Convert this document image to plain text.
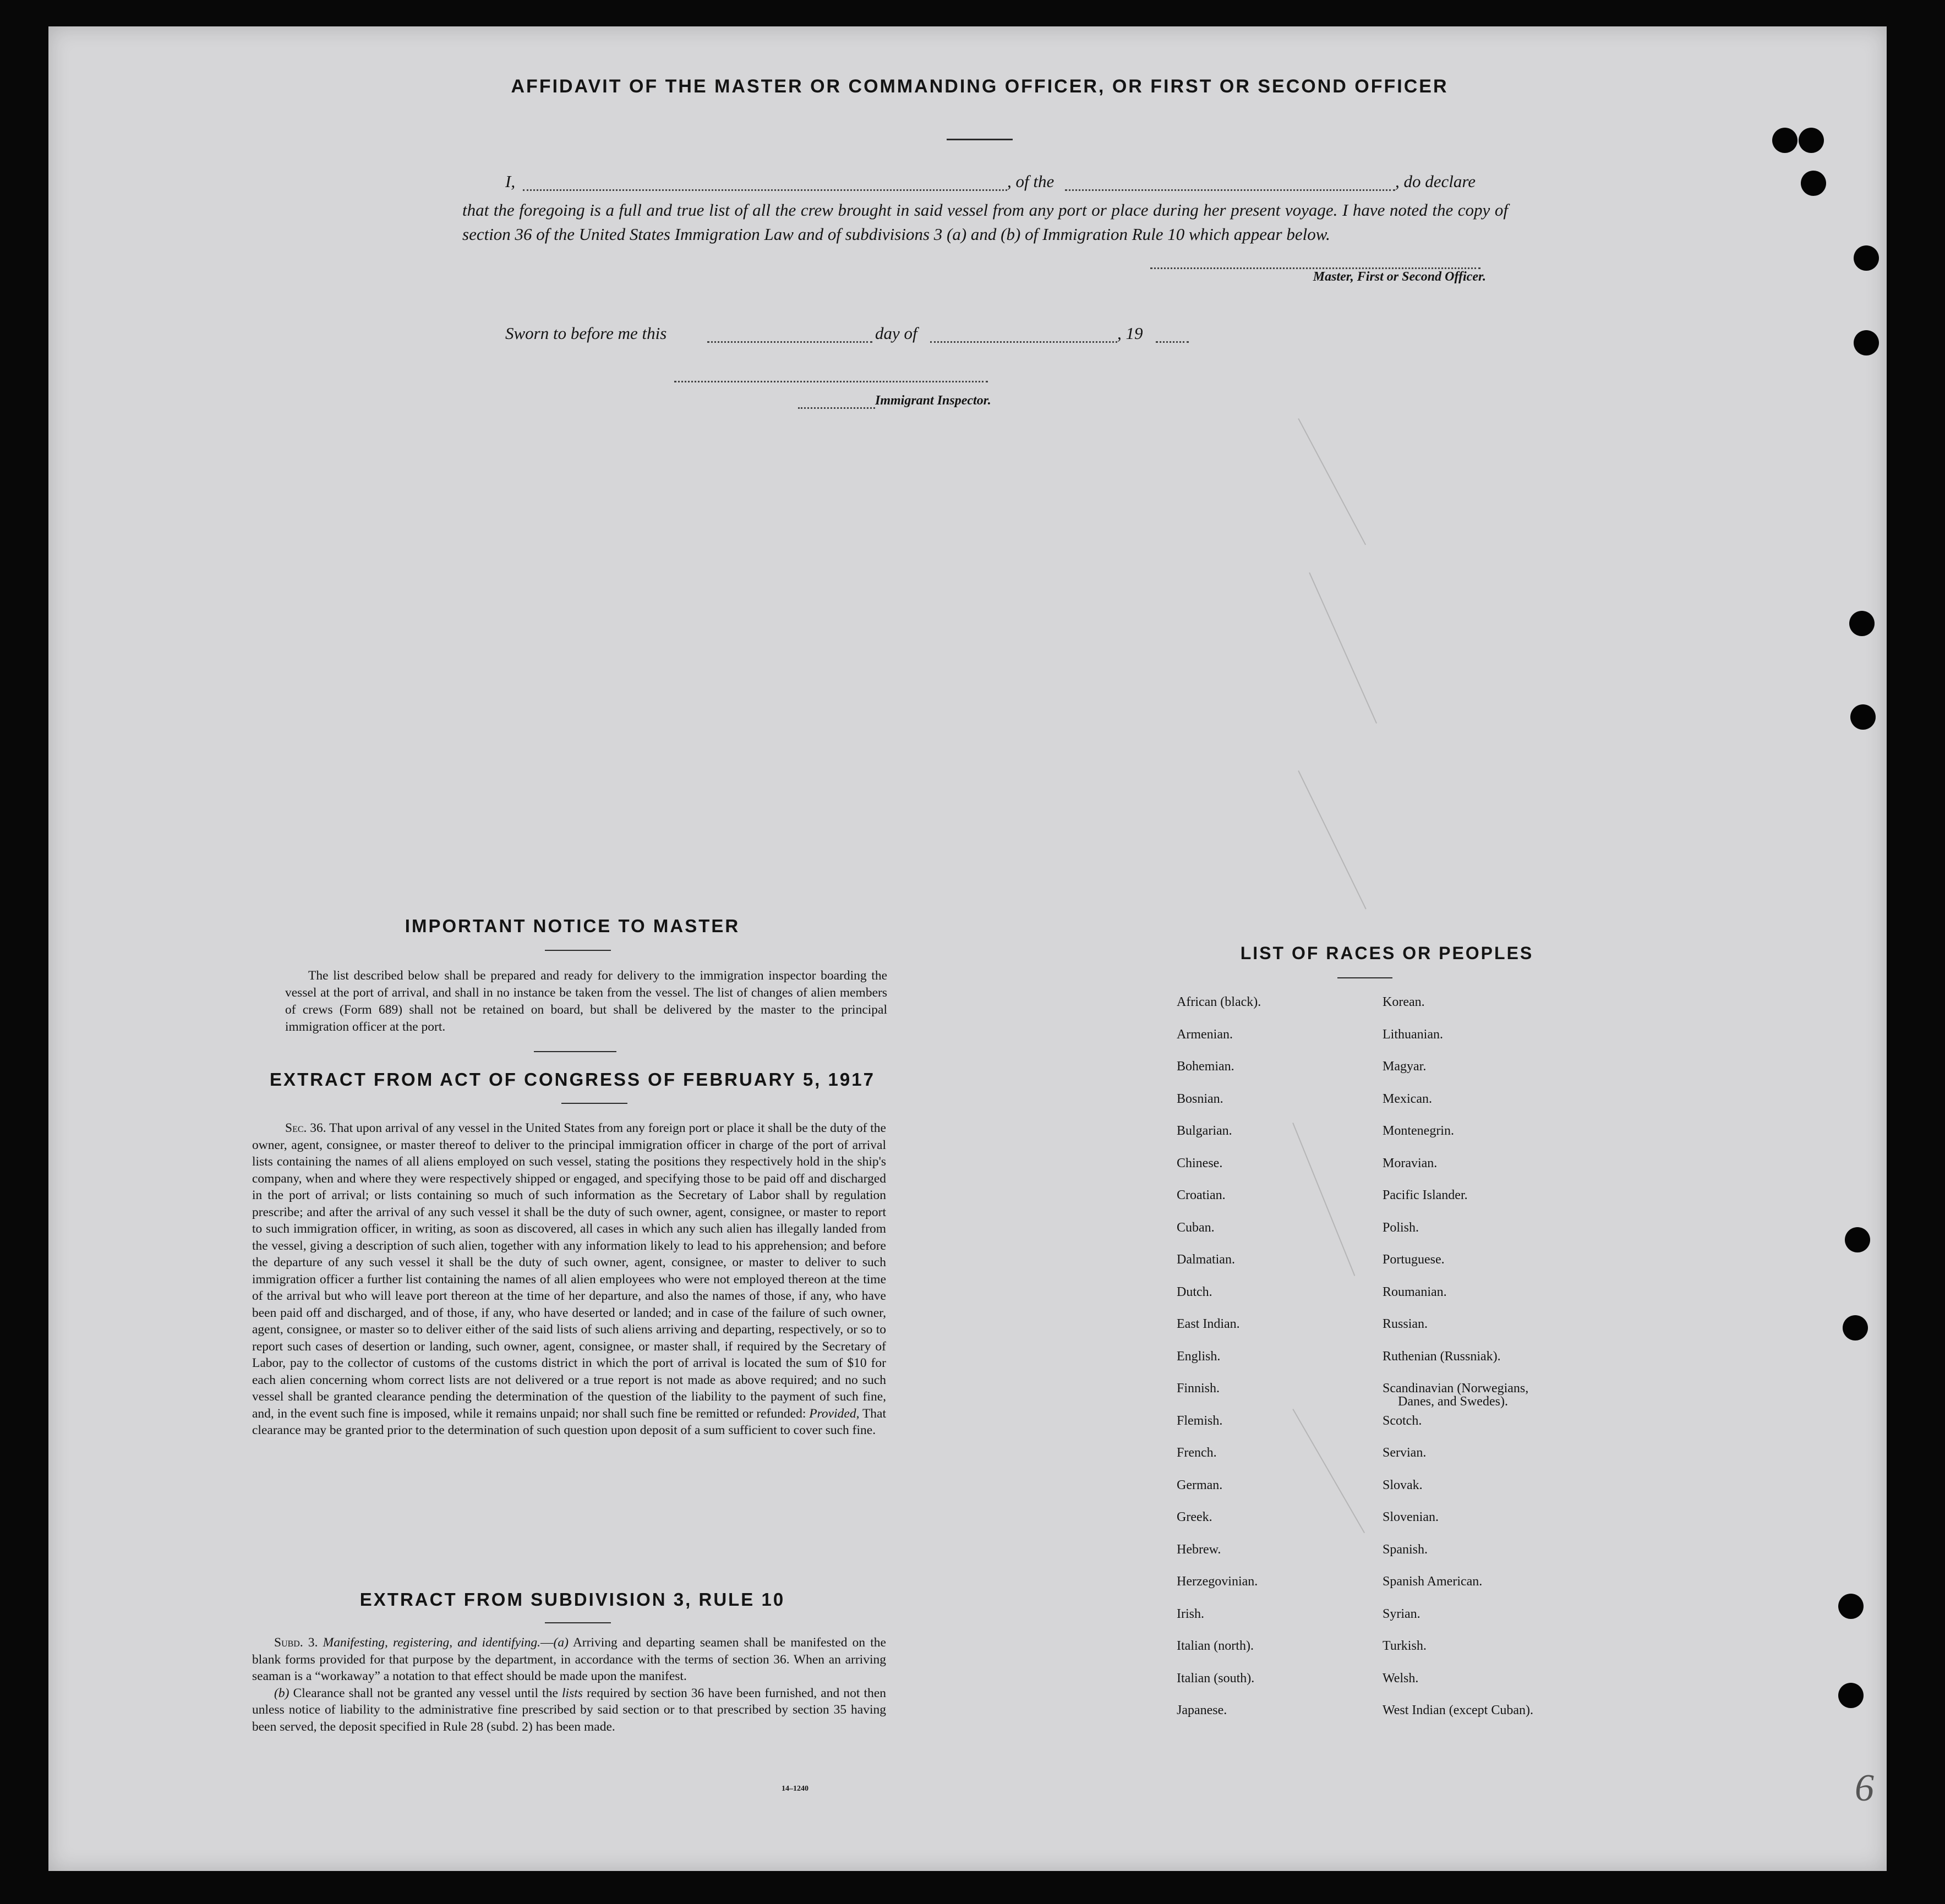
AFFIDAVIT OF THE MASTER OR COMMANDING OFFICER, OR FIRST OR SECOND OFFICER
I,	, of the	, do declare
that the foregoing is a full and true list of all the crew brought in said vessel from any port or place during her present voyage. I have noted the copy of section 36 of the United States Immigration Law and of subdivisions 3 (a) and (b) of Immigration Rule 10 which appear below.
Master, First or Second Officer.
Sworn to before me this	day of	, 19
Immigrant Inspector.
IMPORTANT NOTICE TO MASTER
The list described below shall be prepared and ready for delivery to the immigration inspector boarding the vessel at the port of arrival, and shall in no instance be taken from the vessel. The list of changes of alien members of crews (Form 689) shall not be retained on board, but shall be delivered by the master to the principal immigration officer at the port.
EXTRACT FROM ACT OF CONGRESS OF FEBRUARY 5, 1917
Sec. 36. That upon arrival of any vessel in the United States from any foreign port or place it shall be the duty of the owner, agent, consignee, or master thereof to deliver to the principal immigration officer in charge of the port of arrival lists containing the names of all aliens employed on such vessel, stating the positions they respectively hold in the ship's company, when and where they were respectively shipped or engaged, and specifying those to be paid off and discharged in the port of arrival; or lists containing so much of such information as the Secretary of Labor shall by regulation prescribe; and after the arrival of any such vessel it shall be the duty of such owner, agent, consignee, or master to report to such immigration officer, in writing, as soon as discovered, all cases in which any such alien has illegally landed from the vessel, giving a description of such alien, together with any information likely to lead to his apprehension; and before the departure of any such vessel it shall be the duty of such owner, agent, consignee, or master to deliver to such immigration officer a further list containing the names of all alien employees who were not employed thereon at the time of the arrival but who will leave port thereon at the time of her departure, and also the names of those, if any, who have been paid off and discharged, and of those, if any, who have deserted or landed; and in case of the failure of such owner, agent, consignee, or master so to deliver either of the said lists of such aliens arriving and departing, respectively, or so to report such cases of desertion or landing, such owner, agent, consignee, or master shall, if required by the Secretary of Labor, pay to the collector of customs of the customs district in which the port of arrival is located the sum of $10 for each alien concerning whom correct lists are not delivered or a true report is not made as above required; and no such vessel shall be granted clearance pending the determination of the question of the liability to the payment of such fine, and, in the event such fine is imposed, while it remains unpaid; nor shall such fine be remitted or refunded: Provided, That clearance may be granted prior to the determination of such question upon deposit of a sum sufficient to cover such fine.
EXTRACT FROM SUBDIVISION 3, RULE 10

Subd. 3. Manifesting, registering, and identifying.—(a) Arriving and departing seamen shall be manifested on the blank forms provided for that purpose by the department, in accordance with the terms of section 36. When an arriving seaman is a “workaway” a notation to that effect should be made upon the manifest.

(b) Clearance shall not be granted any vessel until the lists required by section 36 have been furnished, and not then unless notice of liability to the administrative fine prescribed by said section or to that prescribed by section 35 having been served, the deposit specified in Rule 28 (subd. 2) has been made.

14–1240
LIST OF RACES OR PEOPLES
African (black).
Armenian.
Bohemian.
Bosnian.
Bulgarian.
Chinese.
Croatian.
Cuban.
Dalmatian.
Dutch.
East Indian.
English.
Finnish.
Flemish.
French.
German.
Greek.
Hebrew.
Herzegovinian.
Irish.
Italian (north).
Italian (south).
Japanese.
Korean.
Lithuanian.
Magyar.
Mexican.
Montenegrin.
Moravian.
Pacific Islander.
Polish.
Portuguese.
Roumanian.
Russian.
Ruthenian (Russniak).
Scandinavian (Norwegians,
Danes, and Swedes).
Scotch.
Servian.
Slovak.
Slovenian.
Spanish.
Spanish American.
Syrian.
Turkish.
Welsh.
West Indian (except Cuban).
6
